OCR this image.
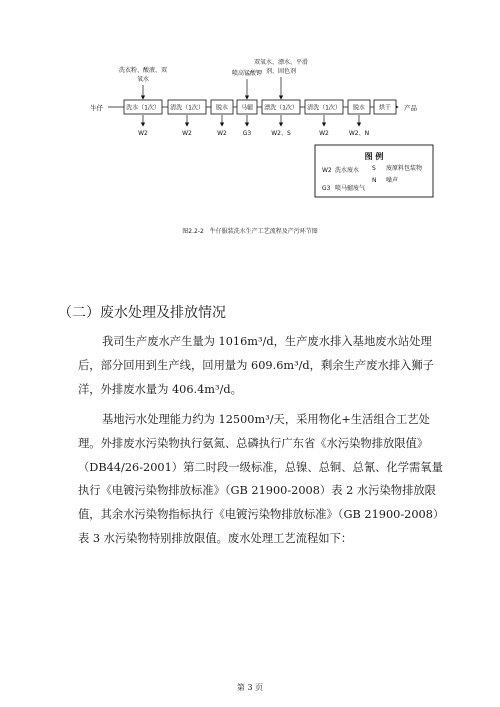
牛仔	产品
洗水（1次） 清洗（1次） 脱水 马骝 漂洗（1次） 清洗（1次） 脱水 烘干
洗衣粉、酸液、双
氧水
喷高锰酸钾
双氧水、漂水、平滑
剂、固色剂
W2	W2	W2	G3	W2、S	W2	W2、N
图 例
W2 洗水废水 S 废原料包装物
N 噪声
G3 喷马骝废气
图2.2-2　牛仔服装洗水生产工艺流程及产污环节图
（二）废水处理及排放情况

我司生产废水产生量为 1016m³/d，生产废水排入基地废水站处理后，部分回用到生产线，回用量为 609.6m³/d，剩余生产废水排入狮子洋，外排废水量为 406.4m³/d。

基地污水处理能力约为 12500m³/天，采用物化+生活组合工艺处理。外排废水污染物执行氨氮、总磷执行广东省《水污染物排放限值》（DB44/26-2001）第二时段一级标准，总镍、总铜、总氰、化学需氧量执行《电镀污染物排放标准》（GB 21900-2008）表 2 水污染物排放限值，其余水污染物指标执行《电镀污染物排放标准》（GB 21900-2008）表 3 水污染物特别排放限值。废水处理工艺流程如下：

第 3 页
